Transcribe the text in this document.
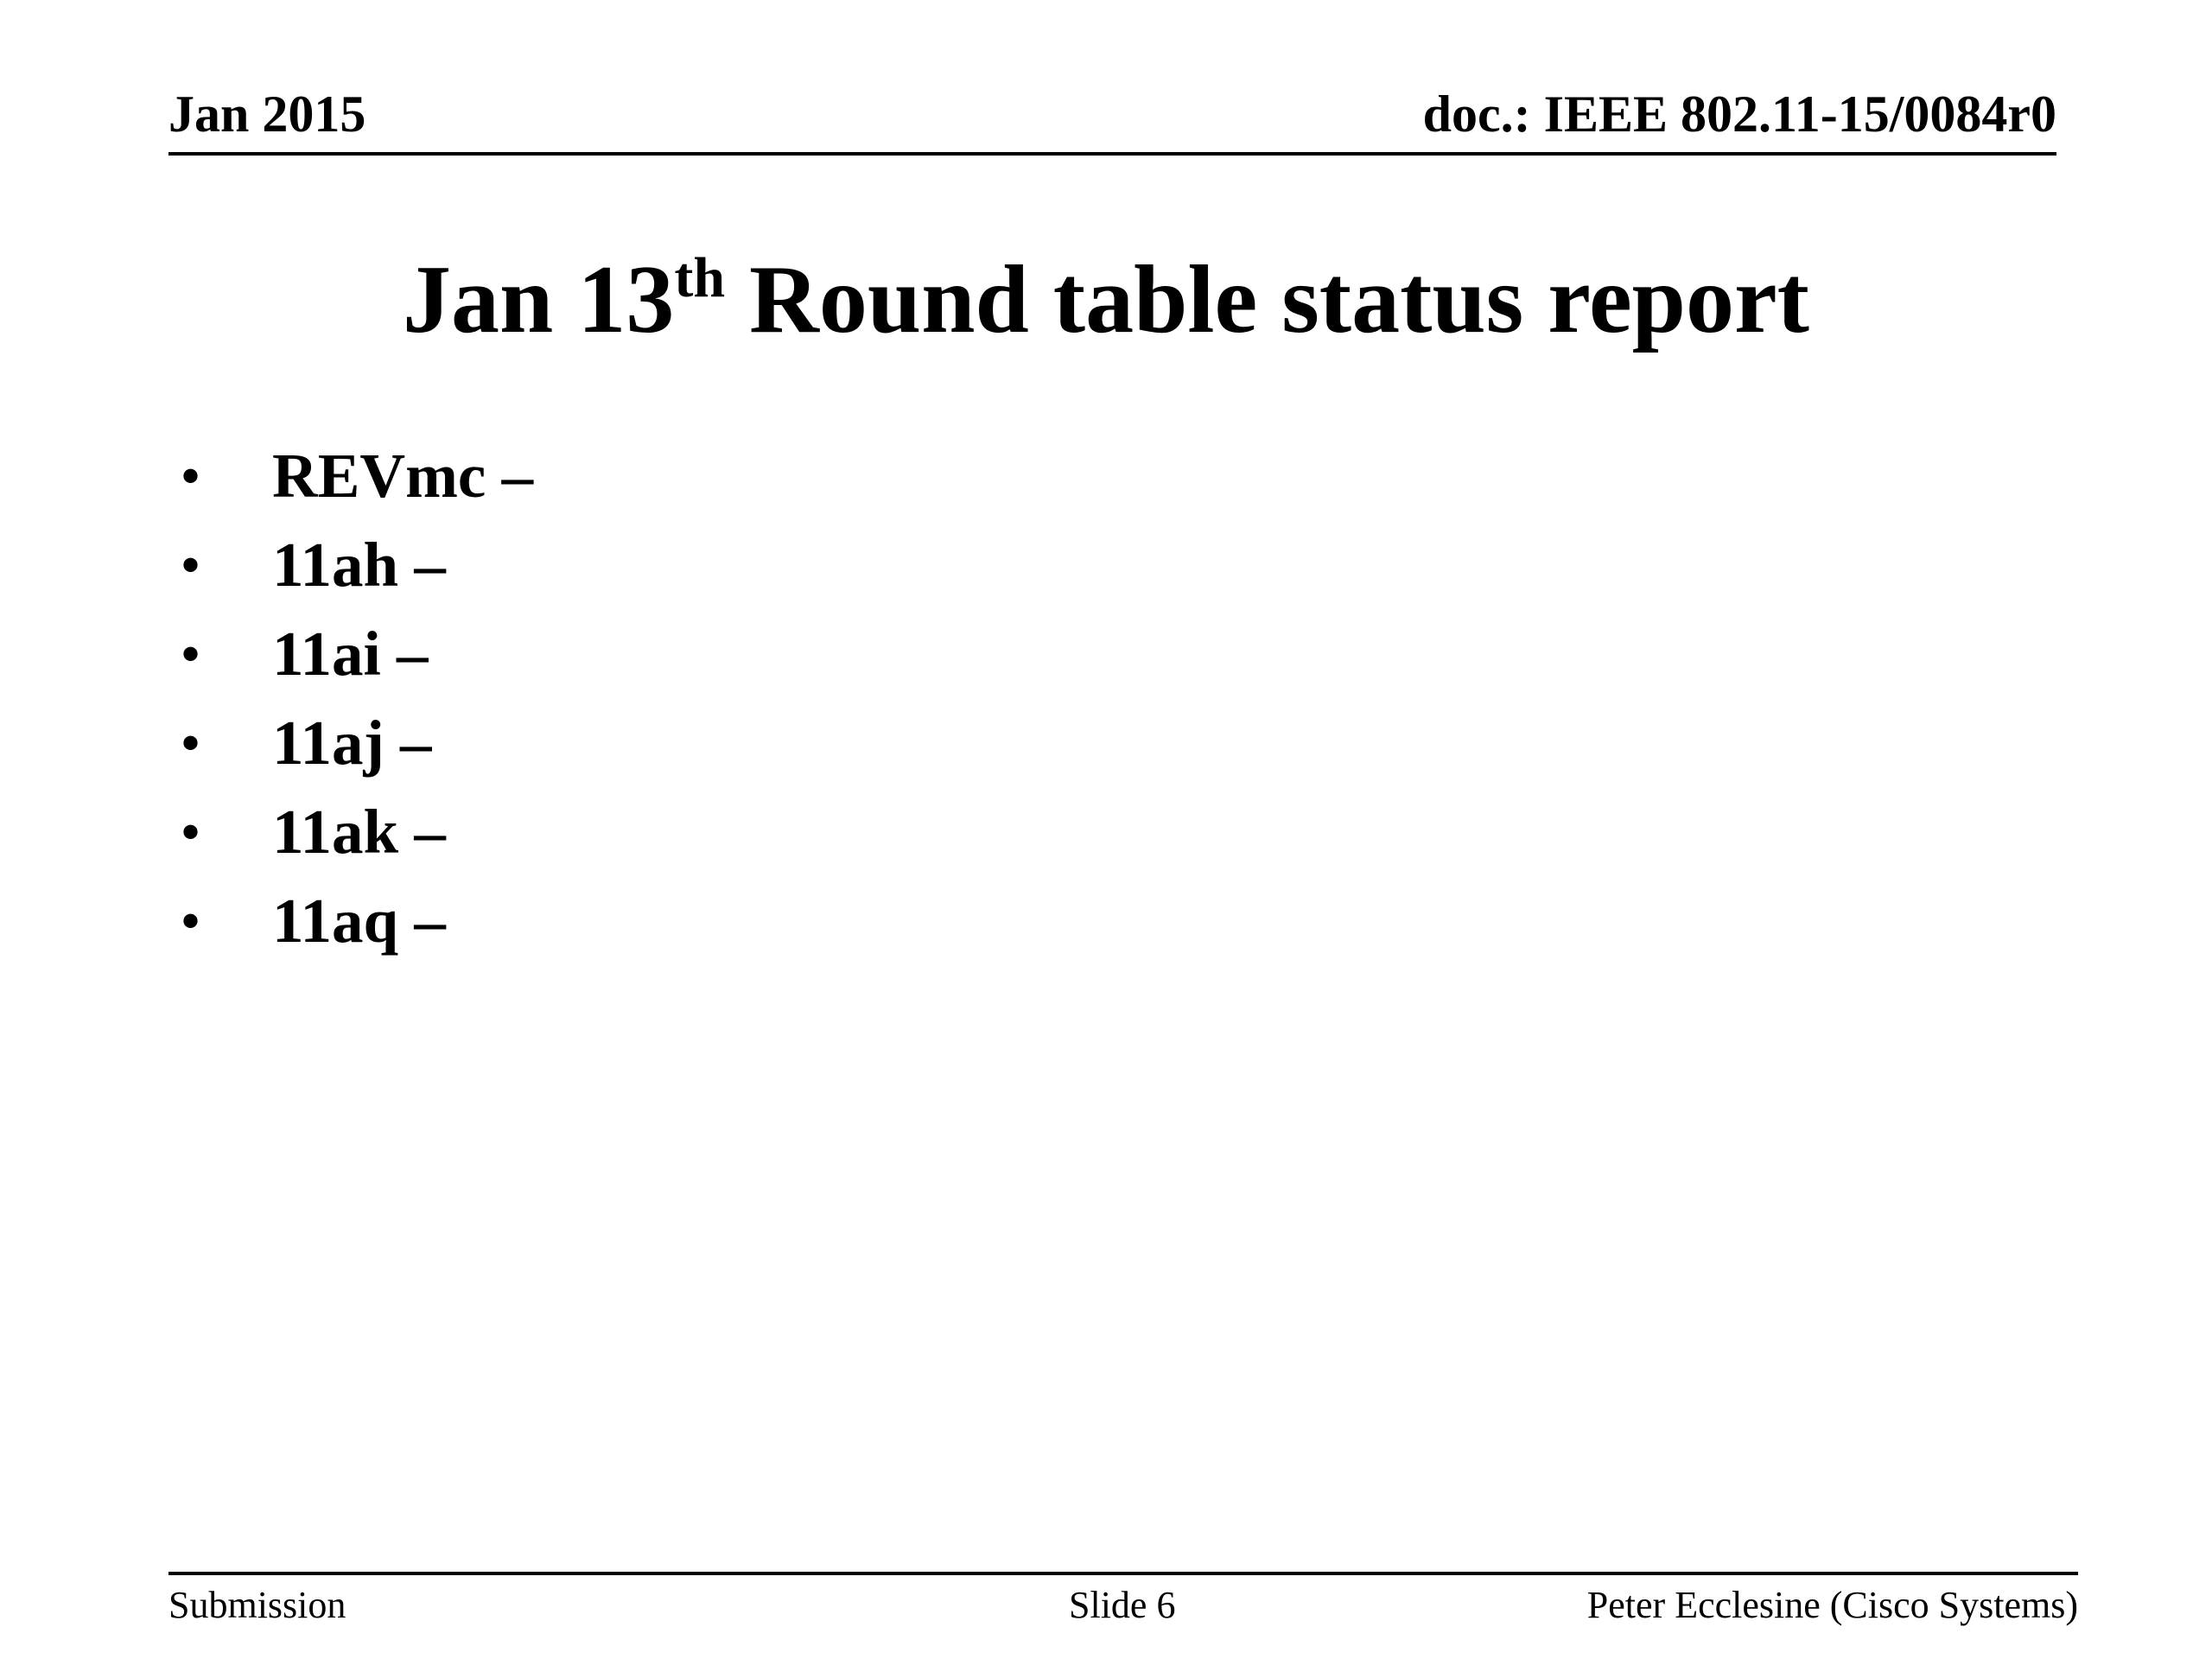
Jan 2015	doc.: IEEE 802.11-15/0084r0
Jan 13th Round table status report
•	REVmc –
•	11ah –
•	11ai –
•	11aj –
•	11ak –
•	11aq –
Submission	Slide 6	Peter Ecclesine (Cisco Systems)
